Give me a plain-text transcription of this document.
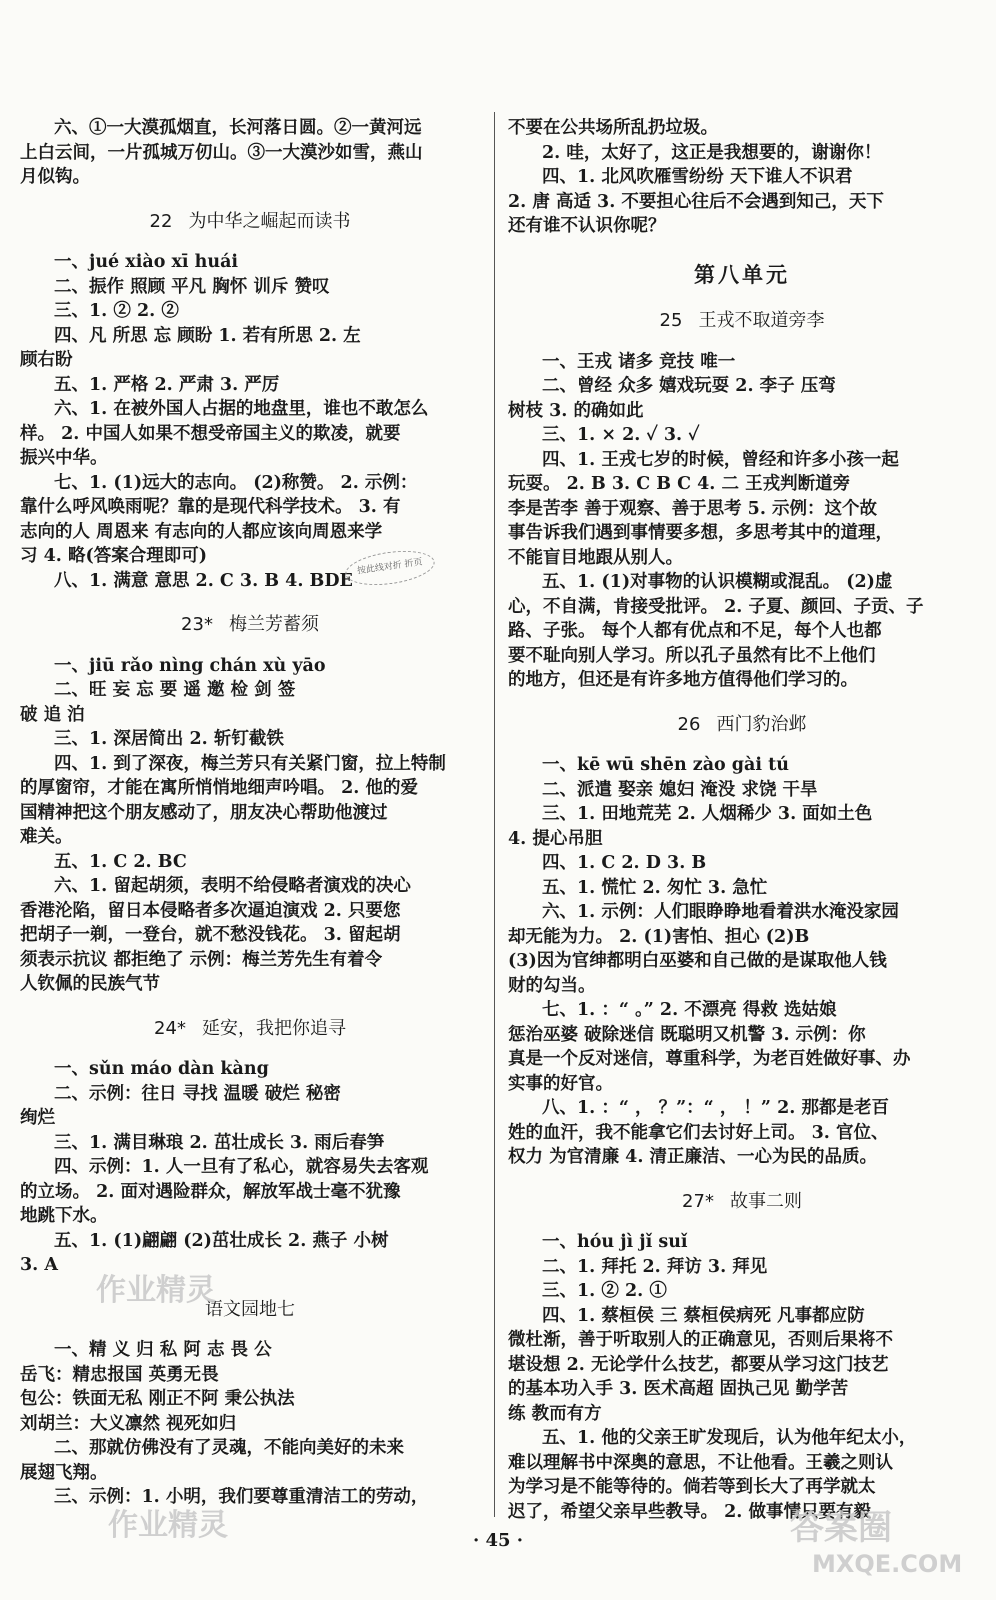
六、①一大漠孤烟直，长河落日圆。②一黄河远
上白云间，一片孤城万仞山。③一大漠沙如雪，燕山
月似钩。
22 为中华之崛起而读书
一、jué xiào xī huái
二、振作 照顾 平凡 胸怀 训斥 赞叹
三、1. ② 2. ②
四、凡 所思 忘 顾盼 1. 若有所思 2. 左
顾右盼
五、1. 严格 2. 严肃 3. 严厉
六、1. 在被外国人占据的地盘里，谁也不敢怎么
样。 2. 中国人如果不想受帝国主义的欺凌，就要
振兴中华。
七、1. (1)远大的志向。 (2)称赞。 2. 示例：
靠什么呼风唤雨呢？靠的是现代科学技术。 3. 有
志向的人 周恩来 有志向的人都应该向周恩来学
习 4. 略(答案合理即可)
八、1. 满意 意思 2. C 3. B 4. BDE
23* 梅兰芳蓄须
一、jiū rǎo nìng chán xù yāo
二、旺 妄 忘 要 遥 邀 检 剑 签
破 追 泊
三、1. 深居简出 2. 斩钉截铁
四、1. 到了深夜，梅兰芳只有关紧门窗，拉上特制
的厚窗帘，才能在寓所悄悄地细声吟唱。 2. 他的爱
国精神把这个朋友感动了，朋友决心帮助他渡过
难关。
五、1. C 2. BC
六、1. 留起胡须，表明不给侵略者演戏的决心
香港沦陷，留日本侵略者多次逼迫演戏 2. 只要您
把胡子一剃，一登台，就不愁没钱花。 3. 留起胡
须表示抗议 都拒绝了 示例：梅兰芳先生有着令
人钦佩的民族气节
24* 延安，我把你追寻
一、sǔn máo dàn kàng
二、示例：往日 寻找 温暖 破烂 秘密
绚烂
三、1. 满目琳琅 2. 茁壮成长 3. 雨后春笋
四、示例：1. 人一旦有了私心，就容易失去客观
的立场。 2. 面对遇险群众，解放军战士毫不犹豫
地跳下水。
五、1. (1)翩翩 (2)茁壮成长 2. 燕子 小树
3. A
语文园地七
一、精 义 归 私 阿 志 畏 公
岳飞：精忠报国 英勇无畏
包公：铁面无私 刚正不阿 秉公执法
刘胡兰：大义凛然 视死如归
二、那就仿佛没有了灵魂，不能向美好的未来
展翅飞翔。
三、示例：1. 小明，我们要尊重清洁工的劳动，
不要在公共场所乱扔垃圾。
2. 哇，太好了，这正是我想要的，谢谢你！
四、1. 北风吹雁雪纷纷 天下谁人不识君
2. 唐 高适 3. 不要担心往后不会遇到知己，天下
还有谁不认识你呢？
第八单元
25 王戎不取道旁李
一、王戎 诸多 竞技 唯一
二、曾经 众多 嬉戏玩耍 2. 李子 压弯
树枝 3. 的确如此
三、1. × 2. ✓ 3. ✓
四、1. 王戎七岁的时候，曾经和许多小孩一起
玩耍。 2. B 3. C B C 4. 二 王戎判断道旁
李是苦李 善于观察、善于思考 5. 示例：这个故
事告诉我们遇到事情要多想，多思考其中的道理，
不能盲目地跟从别人。
五、1. (1)对事物的认识模糊或混乱。 (2)虚
心，不自满，肯接受批评。 2. 子夏、颜回、子贡、子
路、子张。 每个人都有优点和不足，每个人也都
要不耻向别人学习。所以孔子虽然有比不上他们
的地方，但还是有许多地方值得他们学习的。
26 西门豹治邺
一、kē wū shēn zào gài tú
二、派遣 娶亲 媳妇 淹没 求饶 干旱
三、1. 田地荒芜 2. 人烟稀少 3. 面如土色
4. 提心吊胆
四、1. C 2. D 3. B
五、1. 慌忙 2. 匆忙 3. 急忙
六、1. 示例：人们眼睁睁地看着洪水淹没家园
却无能为力。 2. (1)害怕、担心 (2)B
(3)因为官绅都明白巫婆和自己做的是谋取他人钱
财的勾当。
七、1. ：“ 。” 2. 不漂亮 得救 选姑娘
惩治巫婆 破除迷信 既聪明又机警 3. 示例：你
真是一个反对迷信，尊重科学，为老百姓做好事、办
实事的好官。
八、1. ：“ ， ？”：“ ， ！” 2. 那都是老百
姓的血汗，我不能拿它们去讨好上司。 3. 官位、
权力 为官清廉 4. 清正廉洁、一心为民的品质。
27* 故事二则
一、hóu jì jǐ suǐ
二、1. 拜托 2. 拜访 3. 拜见
三、1. ② 2. ①
四、1. 蔡桓侯 三 蔡桓侯病死 凡事都应防
微杜渐，善于听取别人的正确意见，否则后果将不
堪设想 2. 无论学什么技艺，都要从学习这门技艺
的基本功入手 3. 医术高超 固执己见 勤学苦
练 教而有方
五、1. 他的父亲王旷发现后，认为他年纪太小，
难以理解书中深奥的意思，不让他看。王羲之则认
为学习是不能等待的。倘若等到长大了再学就太
迟了，希望父亲早些教导。 2. 做事情只要有毅
按此线对折 折页
作业精灵
作业精灵	答案圈
MXQE.COM
· 45 ·
